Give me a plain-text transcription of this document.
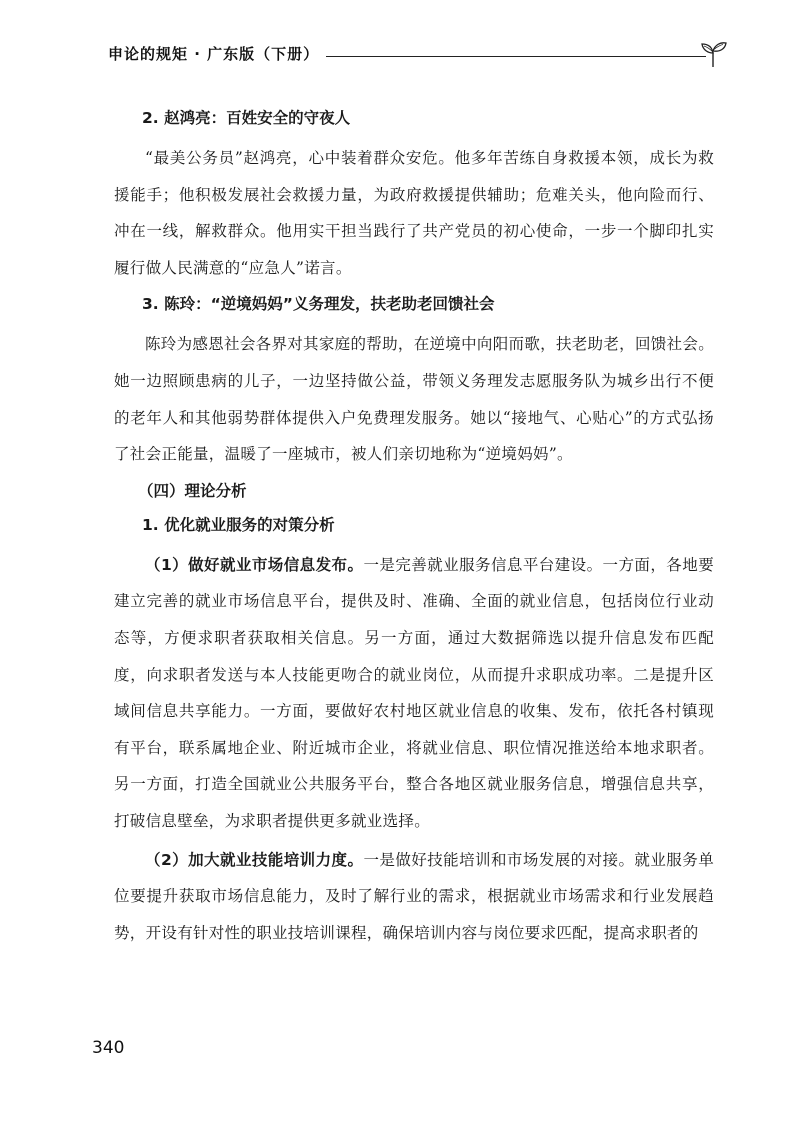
申论的规矩 · 广东版（下册）
2. 赵鸿亮：百姓安全的守夜人

“最美公务员”赵鸿亮，心中装着群众安危。他多年苦练自身救援本领，成长为救援能手；他积极发展社会救援力量，为政府救援提供辅助；危难关头，他向险而行、冲在一线，解救群众。他用实干担当践行了共产党员的初心使命，一步一个脚印扎实履行做人民满意的“应急人”诺言。

3. 陈玲：“逆境妈妈”义务理发，扶老助老回馈社会

陈玲为感恩社会各界对其家庭的帮助，在逆境中向阳而歌，扶老助老，回馈社会。她一边照顾患病的儿子，一边坚持做公益，带领义务理发志愿服务队为城乡出行不便的老年人和其他弱势群体提供入户免费理发服务。她以“接地气、心贴心”的方式弘扬了社会正能量，温暖了一座城市，被人们亲切地称为“逆境妈妈”。

（四）理论分析
1. 优化就业服务的对策分析

（1）做好就业市场信息发布。一是完善就业服务信息平台建设。一方面，各地要建立完善的就业市场信息平台，提供及时、准确、全面的就业信息，包括岗位行业动态等，方便求职者获取相关信息。另一方面，通过大数据筛选以提升信息发布匹配度，向求职者发送与本人技能更吻合的就业岗位，从而提升求职成功率。二是提升区域间信息共享能力。一方面，要做好农村地区就业信息的收集、发布，依托各村镇现有平台，联系属地企业、附近城市企业，将就业信息、职位情况推送给本地求职者。另一方面，打造全国就业公共服务平台，整合各地区就业服务信息，增强信息共享，打破信息壁垒，为求职者提供更多就业选择。

（2）加大就业技能培训力度。一是做好技能培训和市场发展的对接。就业服务单位要提升获取市场信息能力，及时了解行业的需求，根据就业市场需求和行业发展趋势，开设有针对性的职业技培训课程，确保培训内容与岗位要求匹配，提高求职者的

340
